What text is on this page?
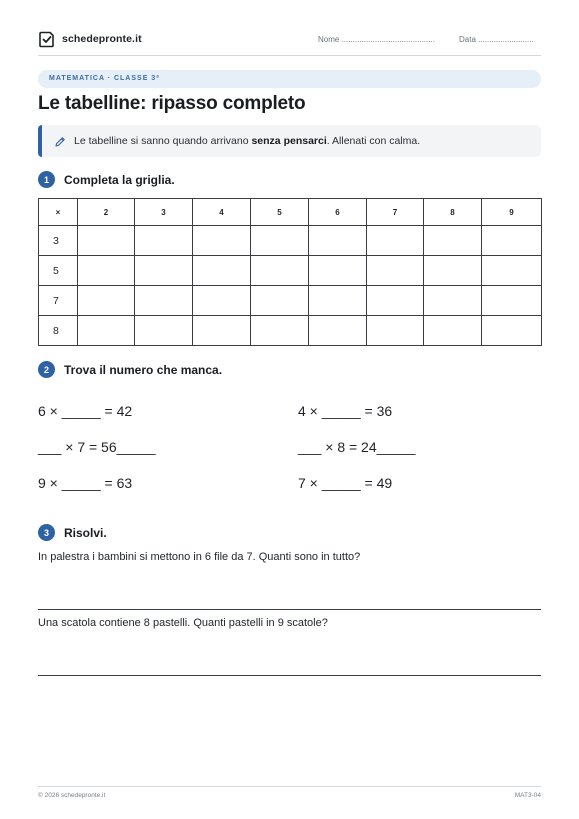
schedepronte.it	Nome ..........................................	Data .........................
MATEMATICA · CLASSE 3ª
Le tabelline: ripasso completo
Le tabelline si sanno quando arrivano senza pensarci. Allenati con calma.
1	Completa la griglia.
×	2	3	4	5	6	7	8	9
3								
5								
7								
8								
2	Trova il numero che manca.
6 × _____ = 42	4 × _____ = 36
___ × 7 = 56_____	___ × 8 = 24_____
9 × _____ = 63	7 × _____ = 49
3	Risolvi.
In palestra i bambini si mettono in 6 file da 7. Quanti sono in tutto?
Una scatola contiene 8 pastelli. Quanti pastelli in 9 scatole?
© 2026 schedepronte.it	MAT3-04
